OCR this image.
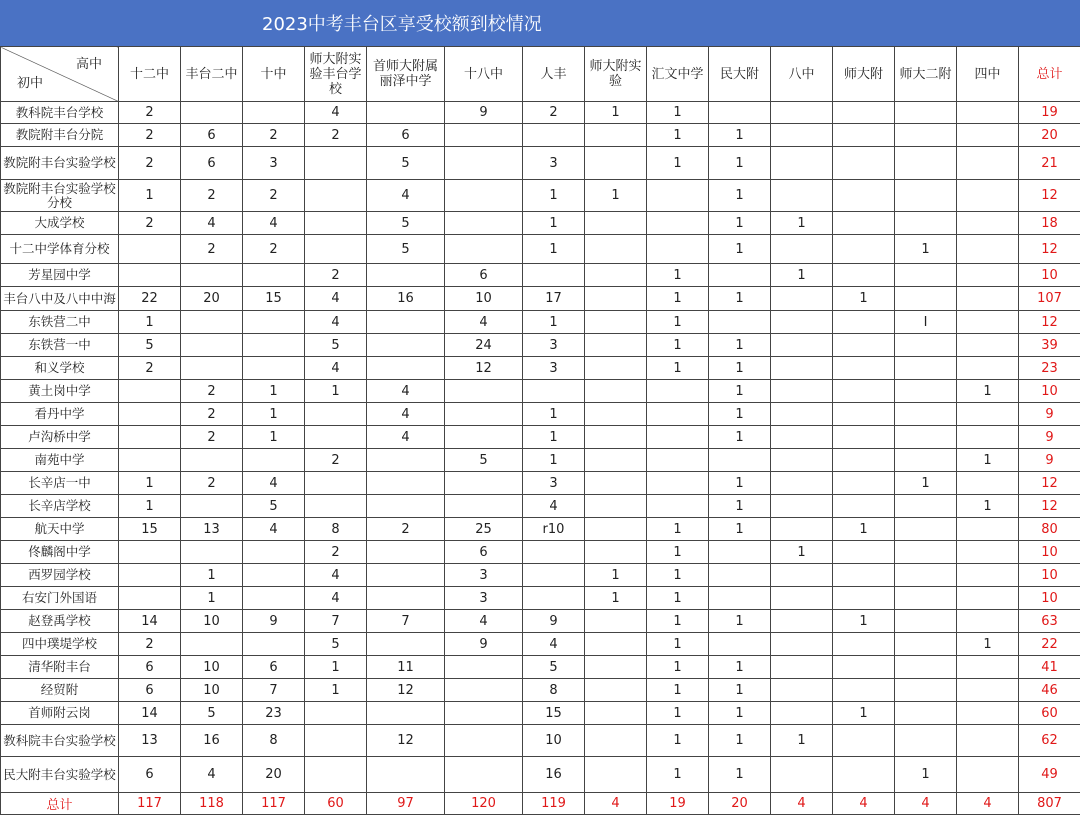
2023中考丰台区享受校额到校情况
高中
初中	十二中	丰台二中	十中	师大附实验丰台学校	首师大附属丽泽中学	十八中	人丰	师大附实验	汇文中学	民大附	八中	师大附	师大二附	四中	总计
教科院丰台学校	2			4		9	2	1	1						19
教院附丰台分院	2	6	2	2	6				1	1					20
教院附丰台实验学校	2	6	3		5		3		1	1					21
教院附丰台实验学校分校	1	2	2		4		1	1		1					12
大成学校	2	4	4		5		1			1	1				18
十二中学体育分校		2	2		5		1			1			1		12
芳星园中学				2		6			1		1				10
丰台八中及八中中海	22	20	15	4	16	10	17		1	1		1			107
东铁营二中	1			4		4	1		1				I		12
东铁营一中	5			5		24	3		1	1					39
和义学校	2			4		12	3		1	1					23
黄土岗中学		2	1	1	4					1				1	10
看丹中学		2	1		4		1			1					9
卢沟桥中学		2	1		4		1			1					9
南苑中学				2		5	1							1	9
长辛店一中	1	2	4				3			1			1		12
长辛店学校	1		5				4			1				1	12
航天中学	15	13	4	8	2	25	r10		1	1		1			80
佟麟阁中学				2		6			1		1				10
西罗园学校		1		4		3		1	1						10
右安门外国语		1		4		3		1	1						10
赵登禹学校	14	10	9	7	7	4	9		1	1		1			63
四中璞堤学校	2			5		9	4		1					1	22
清华附丰台	6	10	6	1	11		5		1	1					41
经贸附	6	10	7	1	12		8		1	1					46
首师附云岗	14	5	23				15		1	1		1			60
教科院丰台实验学校	13	16	8		12		10		1	1	1				62
民大附丰台实验学校	6	4	20				16		1	1			1		49
总计	117	118	117	60	97	120	119	4	19	20	4	4	4	4	807
